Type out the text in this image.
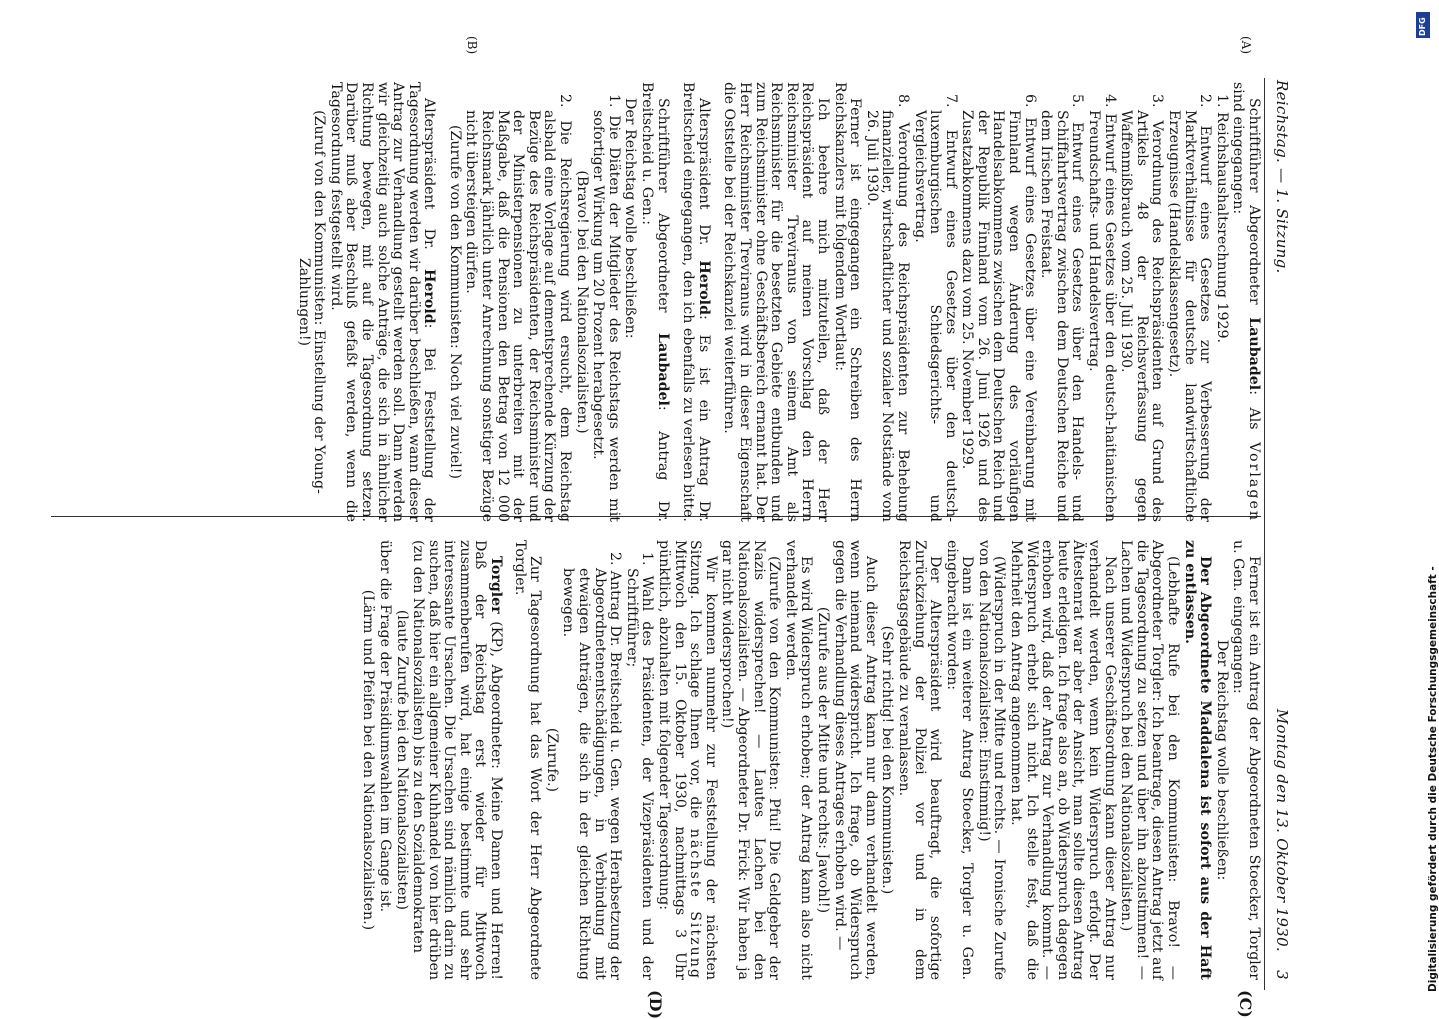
Reichstag. — 1. Sitzung.
Montag den 13. Oktober 1930.
3
(A)
(B)
(C)
(D)

Schriftführer Abgeordneter Laubadel: Als Vorlagen sind eingegangen:

1. Reichshaushaltsrechnung 1929.

2. Entwurf eines Gesetzes zur Verbesserung der Marktverhältnisse für deutsche landwirtschaftliche Erzeugnisse (Handelsklassengesetz).

3. Verordnung des Reichspräsidenten auf Grund des Artikels 48 der Reichsverfassung gegen Waffenmißbrauch vom 25. Juli 1930.

4. Entwurf eines Gesetzes über den deutsch-haitianischen Freundschafts- und Handelsvertrag.

5. Entwurf eines Gesetzes über den Handels- und Schiffahrtsvertrag zwischen dem Deutschen Reiche und dem Irischen Freistaat.

6. Entwurf eines Gesetzes über eine Vereinbarung mit Finnland wegen Änderung des vorläufigen Handelsabkommens zwischen dem Deutschen Reich und der Republik Finnland vom 26. Juni 1926 und des Zusatzabkommens dazu vom 25. November 1929.

7. Entwurf eines Gesetzes über den deutsch-luxemburgischen Schiedsgerichts- und Vergleichsvertrag.

8. Verordnung des Reichspräsidenten zur Behebung finanzieller, wirtschaftlicher und sozialer Notstände vom 26. Juli 1930.

Ferner ist eingegangen ein Schreiben des Herrn Reichskanzlers mit folgendem Wortlaut:

Ich beehre mich mitzuteilen, daß der Herr Reichspräsident auf meinen Vorschlag den Herrn Reichsminister Treviranus von seinem Amt als Reichsminister für die besetzten Gebiete entbunden und zum Reichsminister ohne Geschäftsbereich ernannt hat. Der Herr Reichsminister Treviranus wird in dieser Eigenschaft die Oststelle bei der Reichskanzlei weiterführen.

Alterspräsident Dr. Herold: Es ist ein Antrag Dr. Breitscheid eingegangen, den ich ebenfalls zu verlesen bitte.

Schriftführer Abgeordneter Laubadel: Antrag Dr. Breitscheid u. Gen.:

Der Reichstag wolle beschließen:

1. Die Diäten der Mitglieder des Reichstags werden mit sofortiger Wirkung um 20 Prozent herabgesetzt.

(Bravo! bei den Nationalsozialisten.)

2. Die Reichsregierung wird ersucht, dem Reichstag alsbald eine Vorlage auf dementsprechende Kürzung der Bezüge des Reichspräsidenten, der Reichsminister und der Ministerpensionen zu unterbreiten mit der Maßgabe, daß die Pensionen den Betrag von 12 000 Reichsmark jährlich unter Anrechnung sonstiger Bezüge nicht übersteigen dürfen.

(Zurufe von den Kommunisten: Noch viel zuviel!)

Alterspräsident Dr. Herold: Bei Feststellung der Tagesordnung werden wir darüber beschließen, wann dieser Antrag zur Verhandlung gestellt werden soll. Dann werden wir gleichzeitig auch solche Anträge, die sich in ähnlicher Richtung bewegen, mit auf die Tagesordnung setzen. Darüber muß aber Beschluß gefaßt werden, wenn die Tagesordnung festgestellt wird.

(Zuruf von den Kommunisten: Einstellung der Young-Zahlungen!)

Ferner ist ein Antrag der Abgeordneten Stoecker, Torgler u. Gen. eingegangen:

Der Reichstag wolle beschließen:

Der Abgeordnete Maddalena ist sofort aus der Haft zu entlassen.

(Lebhafte Rufe bei den Kommunisten: Bravo! — Abgeordneter Torgler: Ich beantrage, diesen Antrag jetzt auf die Tagesordnung zu setzen und über ihn abzustimmen! — Lachen und Widerspruch bei den Nationalsozialisten.)

Nach unserer Geschäftsordnung kann dieser Antrag nur verhandelt werden, wenn kein Widerspruch erfolgt. Der Ältestenrat war aber der Ansicht, man sollte diesen Antrag heute erledigen. Ich frage also an, ob Widerspruch dagegen erhoben wird, daß der Antrag zur Verhandlung kommt. — Widerspruch erhebt sich nicht. Ich stelle fest, daß die Mehrheit den Antrag angenommen hat.

(Widerspruch in der Mitte und rechts. — Ironische Zurufe von den Nationalsozialisten: Einstimmig!)

Dann ist ein weiterer Antrag Stoecker, Torgler u. Gen. eingebracht worden:

Der Alterspräsident wird beauftragt, die sofortige Zurückziehung der Polizei vor und in dem Reichstagsgebäude zu veranlassen.

(Sehr richtig! bei den Kommunisten.)

Auch dieser Antrag kann nur dann verhandelt werden, wenn niemand widerspricht. Ich frage, ob Widerspruch gegen die Verhandlung dieses Antrages erhoben wird. —

(Zurufe aus der Mitte und rechts: Jawohl!)

Es wird Widerspruch erhoben; der Antrag kann also nicht verhandelt werden.

(Zurufe von den Kommunisten: Pfui! Die Geldgeber der Nazis widersprechen! — Lautes Lachen bei den Nationalsozialisten. — Abgeordneter Dr. Frick: Wir haben ja gar nicht widersprochen!)

Wir kommen nunmehr zur Feststellung der nächsten Sitzung. Ich schlage Ihnen vor, die nächste Sitzung Mittwoch den 15. Oktober 1930, nachmittags 3 Uhr pünktlich, abzuhalten mit folgender Tagesordnung:

1. Wahl des Präsidenten, der Vizepräsidenten und der Schriftführer;

2. Antrag Dr. Breitscheid u. Gen. wegen Herabsetzung der Abgeordnetenentschädigungen, in Verbindung mit etwaigen Anträgen, die sich in der gleichen Richtung bewegen.

(Zurufe.)

Zur Tagesordnung hat das Wort der Herr Abgeordnete Torgler.

Torgler (KP), Abgeordneter: Meine Damen und Herren! Daß der Reichstag erst wieder für Mittwoch zusammenberufen wird, hat einige bestimmte und sehr interessante Ursachen. Die Ursachen sind nämlich darin zu suchen, daß hier ein allgemeiner Kuhhandel von hier drüben (zu den Nationalsozialisten) bis zu den Sozialdemokraten

(laute Zurufe bei den Nationalsozialisten)

über die Frage der Präsidiumswahlen im Gange ist.

(Lärm und Pfeifen bei den Nationalsozialisten.)

DFG
Digitalisierung gefördert durch die Deutsche Forschungsgemeinschaft -
